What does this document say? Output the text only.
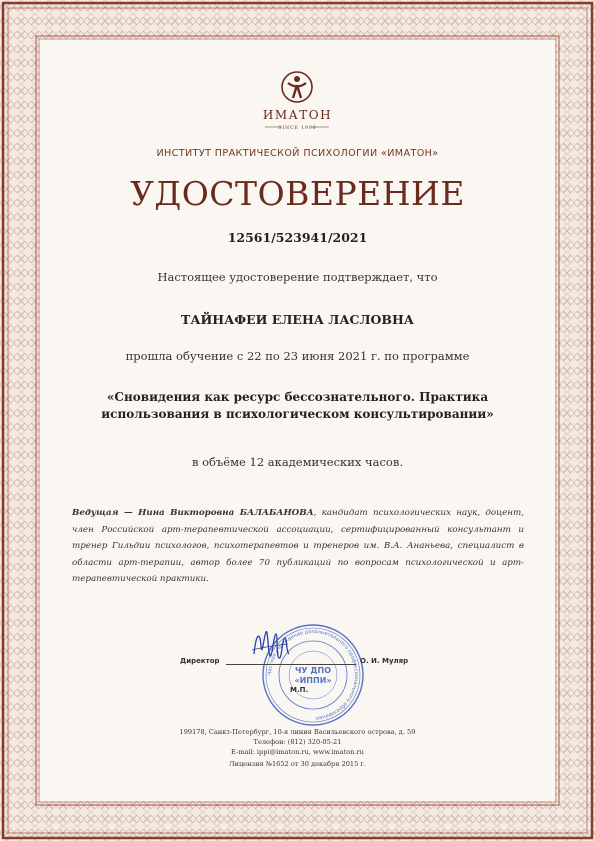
ИМАТОН
SINCE 1990
ИНСТИТУТ ПРАКТИЧЕСКОЙ ПСИХОЛОГИИ «ИМАТОН»
УДОСТОВЕРЕНИЕ
12561/523941/2021
Настоящее удостоверение подтверждает, что
ТАЙНАФЕИ ЕЛЕНА ЛАСЛОВНА
прошла обучение с 22 по 23 июня 2021 г. по программе
«Сновидения как ресурс бессознательного. Практика
использования в психологическом консультировании»
в объёме 12 академических часов.
Ведущая — Нина Викторовна БАЛАБАНОВА, кандидат психологических наук, доцент, член Российской арт-терапевтической ассоциации, сертифицированный консультант и тренер Гильдии психологов, психотерапевтов и тренеров им. В.А. Ананьева, специалист в области арт-терапии, автор более 70 публикаций по вопросам психологической и арт-терапевтической практики.
Частное учреждение дополнительного профессионального образования
ЧУ ДПО
«ИППИ»
Директор	О. И. Муляр
М.П.
199178, Санкт-Петербург, 10-я линия Васильевского острова, д. 59
Телефон: (812) 320-05-21
E-mail: ippi@imaton.ru, www.imaton.ru
Лицензия №1652 от 30 декабря 2015 г.
